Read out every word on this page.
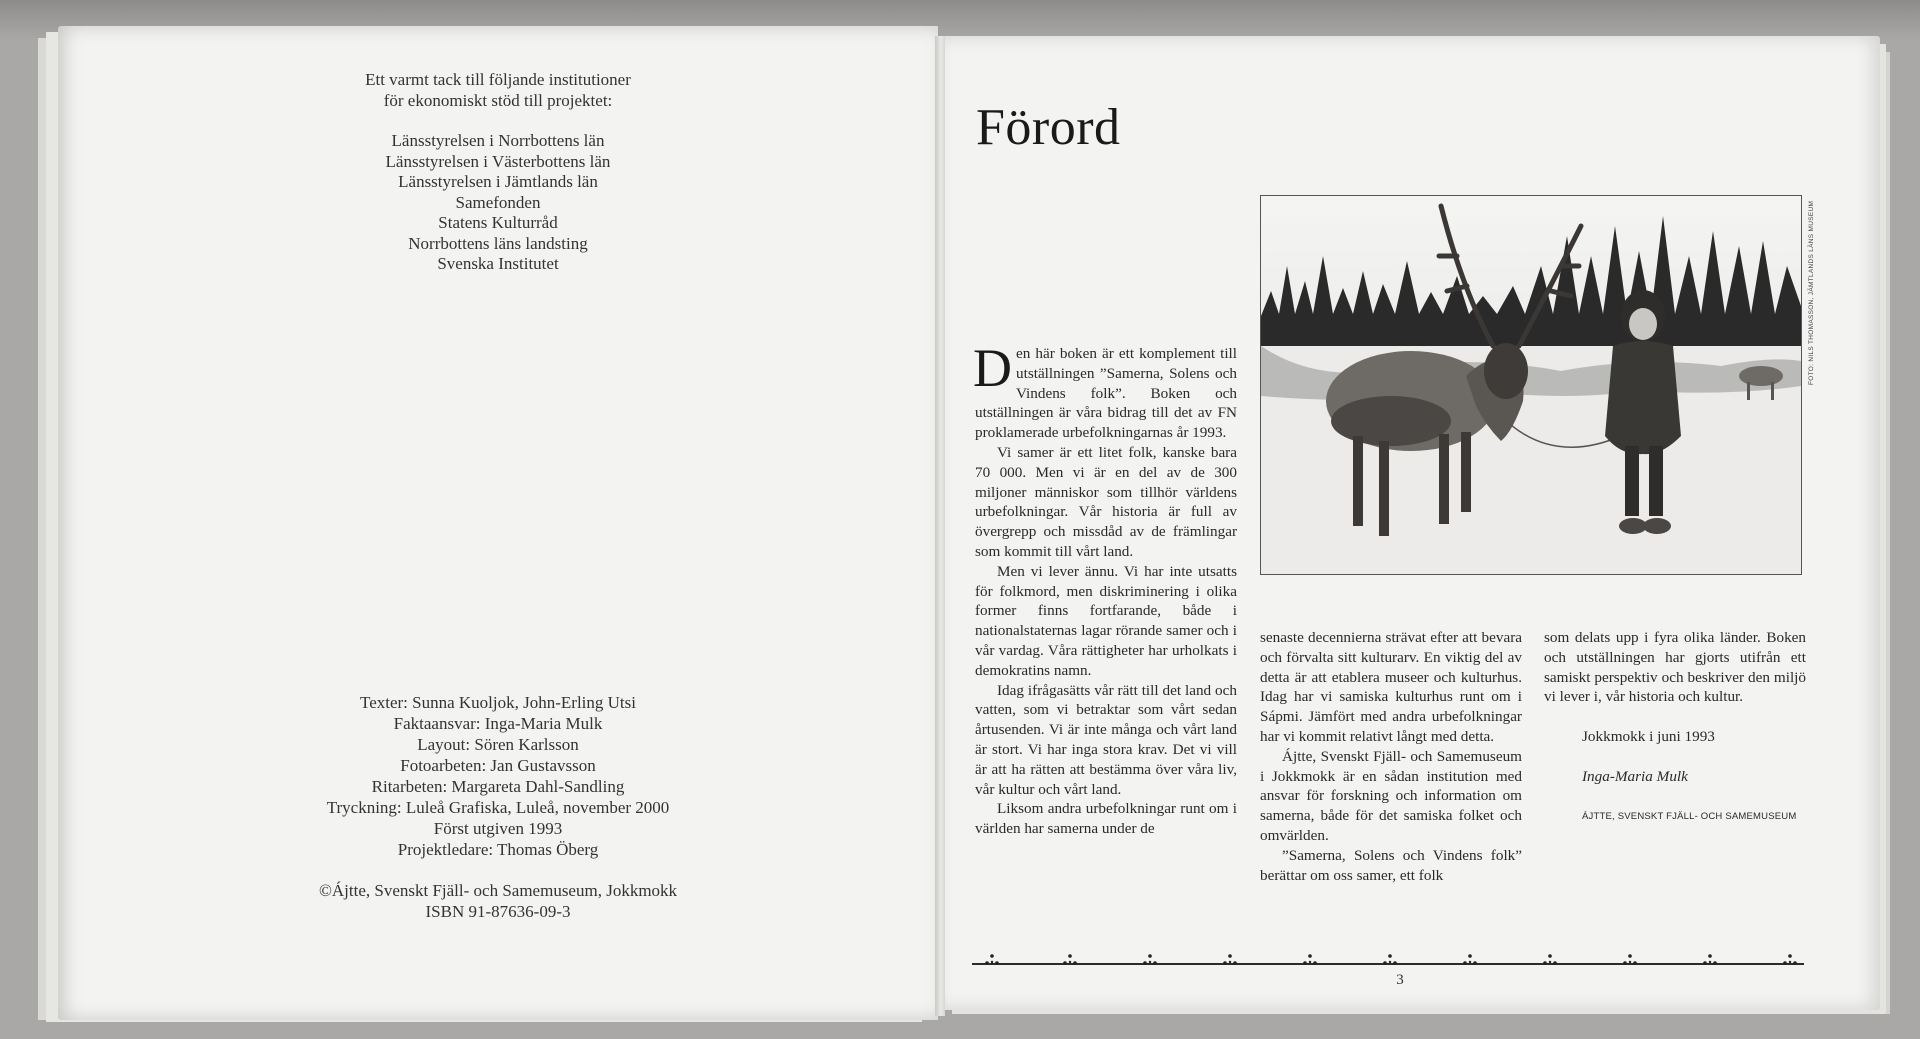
Ett varmt tack till följande institutioner

för ekonomiskt stöd till projektet:

Länsstyrelsen i Norrbottens län

Länsstyrelsen i Västerbottens län

Länsstyrelsen i Jämtlands län

Samefonden

Statens Kulturråd

Norrbottens läns landsting

Svenska Institutet

Texter: Sunna Kuoljok, John-Erling Utsi

Faktaansvar: Inga-Maria Mulk

Layout: Sören Karlsson

Fotoarbeten: Jan Gustavsson

Ritarbeten: Margareta Dahl-Sandling

Tryckning: Luleå Grafiska, Luleå, november 2000

Först utgiven 1993

Projektledare: Thomas Öberg

©Ájtte, Svenskt Fjäll- och Samemuseum, Jokkmokk

ISBN 91-87636-09-3

Förord
FOTO: NILS THOMASSON, JÄMTLANDS LÄNS MUSEUM

Den här boken är ett komplement till utställningen ”Samerna, Solens och Vindens folk”. Boken och utställningen är våra bidrag till det av FN proklamerade urbefolkningarnas år 1993.

Vi samer är ett litet folk, kanske bara 70 000. Men vi är en del av de 300 miljoner människor som tillhör världens urbefolkningar. Vår historia är full av övergrepp och missdåd av de främlingar som kommit till vårt land.

Men vi lever ännu. Vi har inte utsatts för folkmord, men diskriminering i olika former finns fortfarande, både i nationalstaternas lagar rörande samer och i vår vardag. Våra rättigheter har urholkats i demokratins namn.

Idag ifrågasätts vår rätt till det land och vatten, som vi betraktar som vårt sedan årtusenden. Vi är inte många och vårt land är stort. Vi har inga stora krav. Det vi vill är att ha rätten att bestämma över våra liv, vår kultur och vårt land.

Liksom andra urbefolkningar runt om i världen har samerna under de

senaste decennierna strävat efter att bevara och förvalta sitt kulturarv. En viktig del av detta är att etablera museer och kulturhus. Idag har vi samiska kulturhus runt om i Sápmi. Jämfört med andra urbefolkningar har vi kommit relativt långt med detta.

Ájtte, Svenskt Fjäll- och Samemuseum i Jokkmokk är en sådan institution med ansvar för forskning och information om samerna, både för det samiska folket och omvärlden.

”Samerna, Solens och Vindens folk” berättar om oss samer, ett folk

som delats upp i fyra olika länder. Boken och utställningen har gjorts utifrån ett samiskt perspektiv och beskriver den miljö vi lever i, vår historia och kultur.

Jokkmokk i juni 1993

Inga-Maria Mulk

ÁJTTE, SVENSKT FJÄLL- OCH SAMEMUSEUM

3
